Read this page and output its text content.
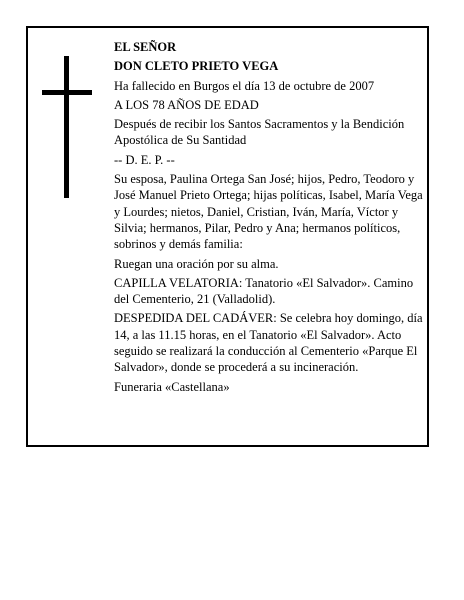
EL SEÑOR

DON CLETO PRIETO VEGA

Ha fallecido en Burgos el día 13 de octubre de 2007

A LOS 78 AÑOS DE EDAD

Después de recibir los Santos Sacramentos y la Bendición Apostólica de Su Santidad

-- D. E. P. --

Su esposa, Paulina Ortega San José; hijos, Pedro, Teodoro y José Manuel Prieto Ortega; hijas políticas, Isabel, María Vega y Lourdes; nietos, Daniel, Cristian, Iván, María, Víctor y Silvia; hermanos, Pilar, Pedro y Ana; hermanos políticos, sobrinos y demás familia:

Ruegan una oración por su alma.

CAPILLA VELATORIA: Tanatorio «El Salvador». Camino del Cementerio, 21 (Valladolid).

DESPEDIDA DEL CADÁVER: Se celebra hoy domingo, día 14, a las 11.15 horas, en el Tanatorio «El Salvador». Acto seguido se realizará la conducción al Cementerio «Parque El Salvador», donde se procederá a su incineración.

Funeraria «Castellana»
